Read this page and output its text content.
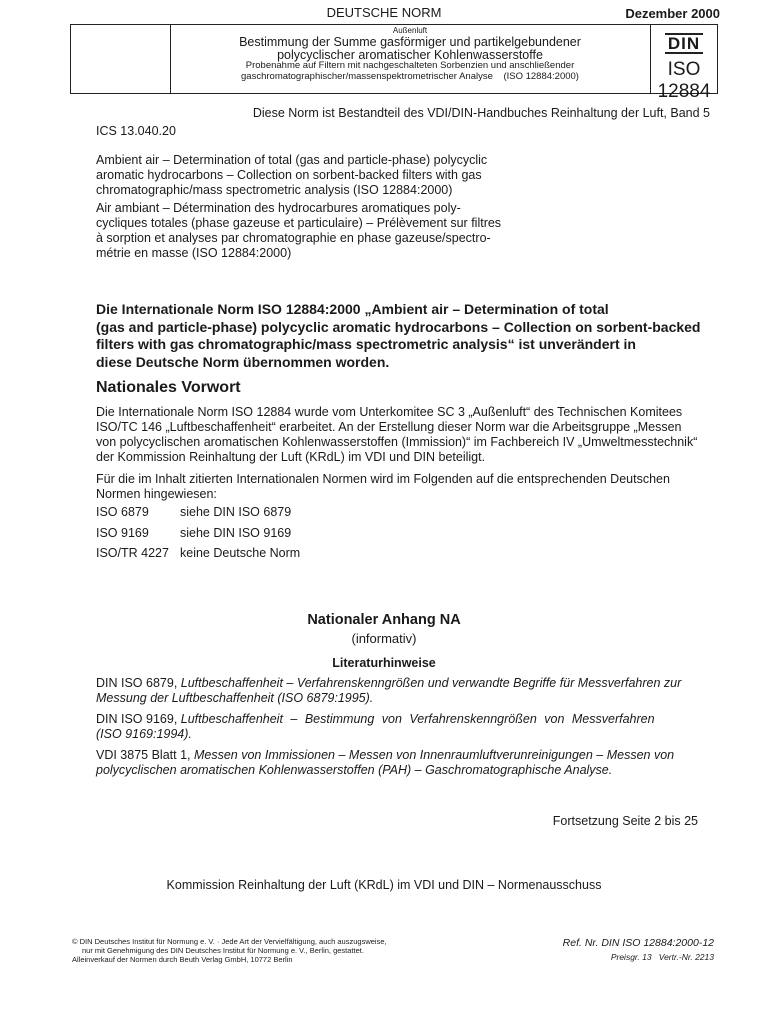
DEUTSCHE NORM	Dezember 2000
Außenluft
Bestimmung der Summe gasförmiger und partikelgebundener
polycyclischer aromatischer Kohlenwasserstoffe
Probenahme auf Filtern mit nachgeschalteten Sorbenzien und anschließender
gaschromatographischer/massenspektrometrischer Analyse    (ISO 12884:2000)
DIN
ISO 12884
Diese Norm ist Bestandteil des VDI/DIN-Handbuches Reinhaltung der Luft, Band 5
ICS 13.040.20
Ambient air – Determination of total (gas and particle-phase) polycyclic
aromatic hydrocarbons – Collection on sorbent-backed filters with gas
chromatographic/mass spectrometric analysis (ISO 12884:2000)
Air ambiant – Détermination des hydrocarbures aromatiques poly-
cycliques totales (phase gazeuse et particulaire) – Prélèvement sur filtres
à sorption et analyses par chromatographie en phase gazeuse/spectro-
métrie en masse (ISO 12884:2000)
Die Internationale Norm ISO 12884:2000 „Ambient air – Determination of total
(gas and particle-phase) polycyclic aromatic hydrocarbons – Collection on sorbent-backed
filters with gas chromatographic/mass spectrometric analysis“ ist unverändert in
diese Deutsche Norm übernommen worden.
Nationales Vorwort
Die Internationale Norm ISO 12884 wurde vom Unterkomitee SC 3 „Außenluft“ des Technischen Komitees
ISO/TC 146 „Luftbeschaffenheit“ erarbeitet. An der Erstellung dieser Norm war die Arbeitsgruppe „Messen
von polycyclischen aromatischen Kohlenwasserstoffen (Immission)“ im Fachbereich IV „Umweltmesstechnik“
der Kommission Reinhaltung der Luft (KRdL) im VDI und DIN beteiligt.
Für die im Inhalt zitierten Internationalen Normen wird im Folgenden auf die entsprechenden Deutschen
Normen hingewiesen:
ISO 6879 siehe DIN ISO 6879
ISO 9169 siehe DIN ISO 9169
ISO/TR 4227 keine Deutsche Norm
Nationaler Anhang NA
(informativ)
Literaturhinweise
DIN ISO 6879, Luftbeschaffenheit – Verfahrenskenngrößen und verwandte Begriffe für Messverfahren zur
Messung der Luftbeschaffenheit (ISO 6879:1995).
DIN ISO 9169, Luftbeschaffenheit – Bestimmung von Verfahrenskenngrößen von Messverfahren
(ISO 9169:1994).
VDI 3875 Blatt 1, Messen von Immissionen – Messen von Innenraumluftverunreinigungen – Messen von
polycyclischen aromatischen Kohlenwasserstoffen (PAH) – Gaschromatographische Analyse.
Fortsetzung Seite 2 bis 25
Kommission Reinhaltung der Luft (KRdL) im VDI und DIN – Normenausschuss
© DIN Deutsches Institut für Normung e. V. · Jede Art der Vervielfältigung, auch auszugsweise,
nur mit Genehmigung des DIN Deutsches Institut für Normung e. V., Berlin, gestattet.
Alleinverkauf der Normen durch Beuth Verlag GmbH, 10772 Berlin
Ref. Nr. DIN ISO 12884:2000-12
Preisgr. 13 Vertr.-Nr. 2213
